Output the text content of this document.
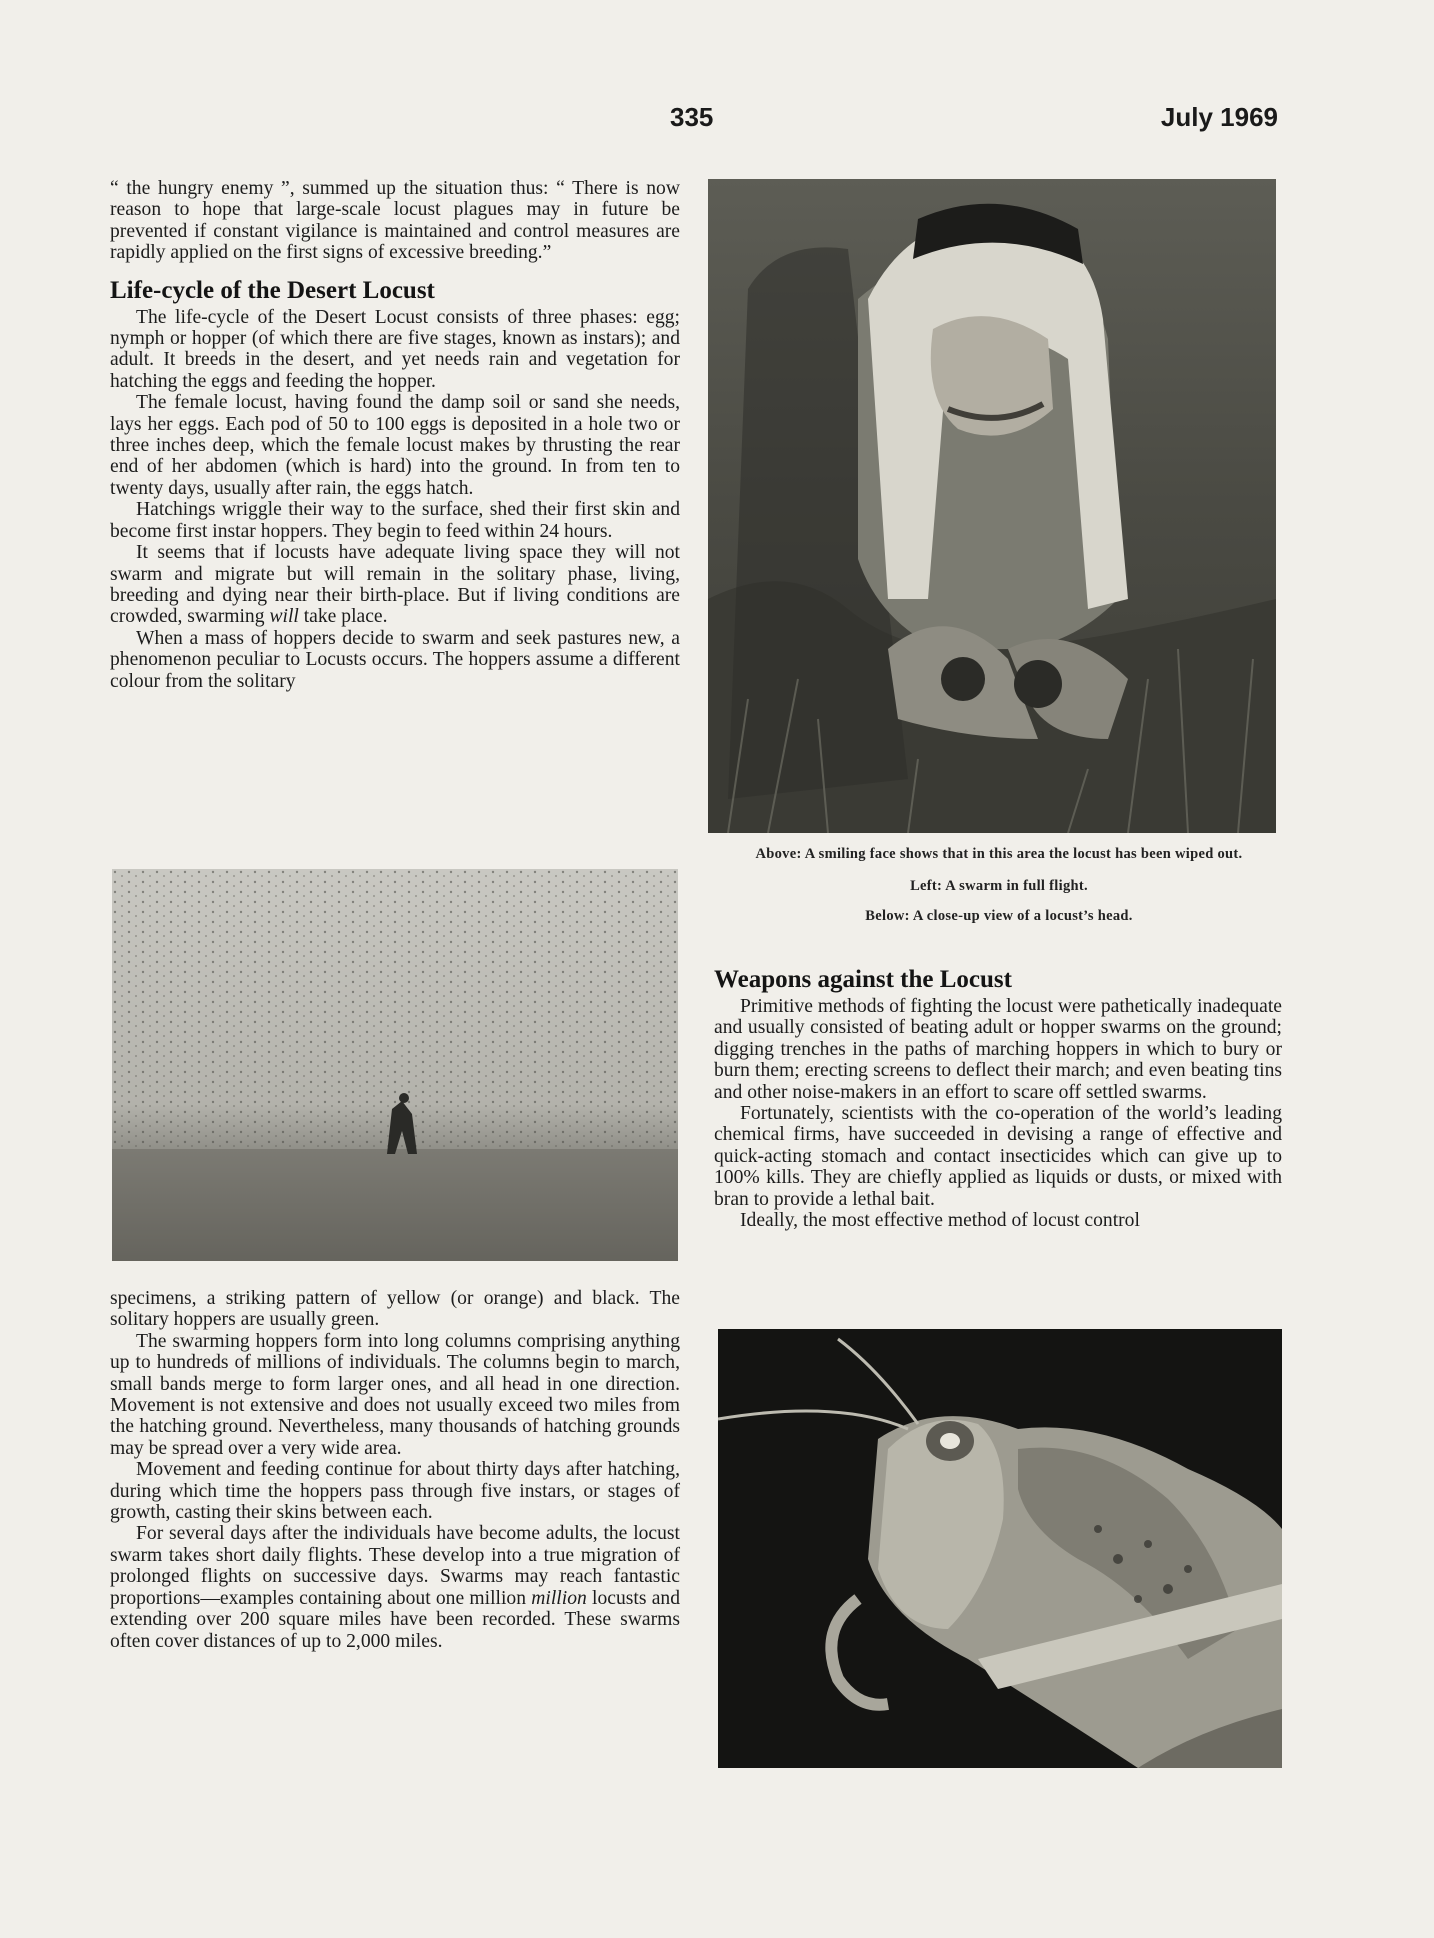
335	July 1969

“ the hungry enemy ”, summed up the situation thus: “ There is now reason to hope that large-scale locust plagues may in future be prevented if constant vigilance is maintained and control measures are rapidly applied on the first signs of excessive breeding.”

Life-cycle of the Desert Locust

The life-cycle of the Desert Locust consists of three phases: egg; nymph or hopper (of which there are five stages, known as instars); and adult. It breeds in the desert, and yet needs rain and vegetation for hatching the eggs and feeding the hopper.

The female locust, having found the damp soil or sand she needs, lays her eggs. Each pod of 50 to 100 eggs is deposited in a hole two or three inches deep, which the female locust makes by thrusting the rear end of her abdomen (which is hard) into the ground. In from ten to twenty days, usually after rain, the eggs hatch.

Hatchings wriggle their way to the surface, shed their first skin and become first instar hoppers. They begin to feed within 24 hours.

It seems that if locusts have adequate living space they will not swarm and migrate but will remain in the solitary phase, living, breeding and dying near their birth-place. But if living conditions are crowded, swarming will take place.

When a mass of hoppers decide to swarm and seek pastures new, a phenomenon peculiar to Locusts occurs. The hoppers assume a different colour from the solitary

Above: A smiling face shows that in this area the locust has been wiped out.
Left: A swarm in full flight.
Below: A close-up view of a locust’s head.
Weapons against the Locust

Primitive methods of fighting the locust were pathetically inadequate and usually consisted of beating adult or hopper swarms on the ground; digging trenches in the paths of marching hoppers in which to bury or burn them; erecting screens to deflect their march; and even beating tins and other noise-makers in an effort to scare off settled swarms.

Fortunately, scientists with the co-operation of the world’s leading chemical firms, have succeeded in devising a range of effective and quick-acting stomach and contact insecticides which can give up to 100% kills. They are chiefly applied as liquids or dusts, or mixed with bran to provide a lethal bait.

Ideally, the most effective method of locust control

specimens, a striking pattern of yellow (or orange) and black. The solitary hoppers are usually green.

The swarming hoppers form into long columns comprising anything up to hundreds of millions of individuals. The columns begin to march, small bands merge to form larger ones, and all head in one direction. Movement is not extensive and does not usually exceed two miles from the hatching ground. Nevertheless, many thousands of hatching grounds may be spread over a very wide area.

Movement and feeding continue for about thirty days after hatching, during which time the hoppers pass through five instars, or stages of growth, casting their skins between each.

For several days after the individuals have become adults, the locust swarm takes short daily flights. These develop into a true migration of prolonged flights on successive days. Swarms may reach fantastic proportions—examples containing about one million million locusts and extending over 200 square miles have been recorded. These swarms often cover distances of up to 2,000 miles.
